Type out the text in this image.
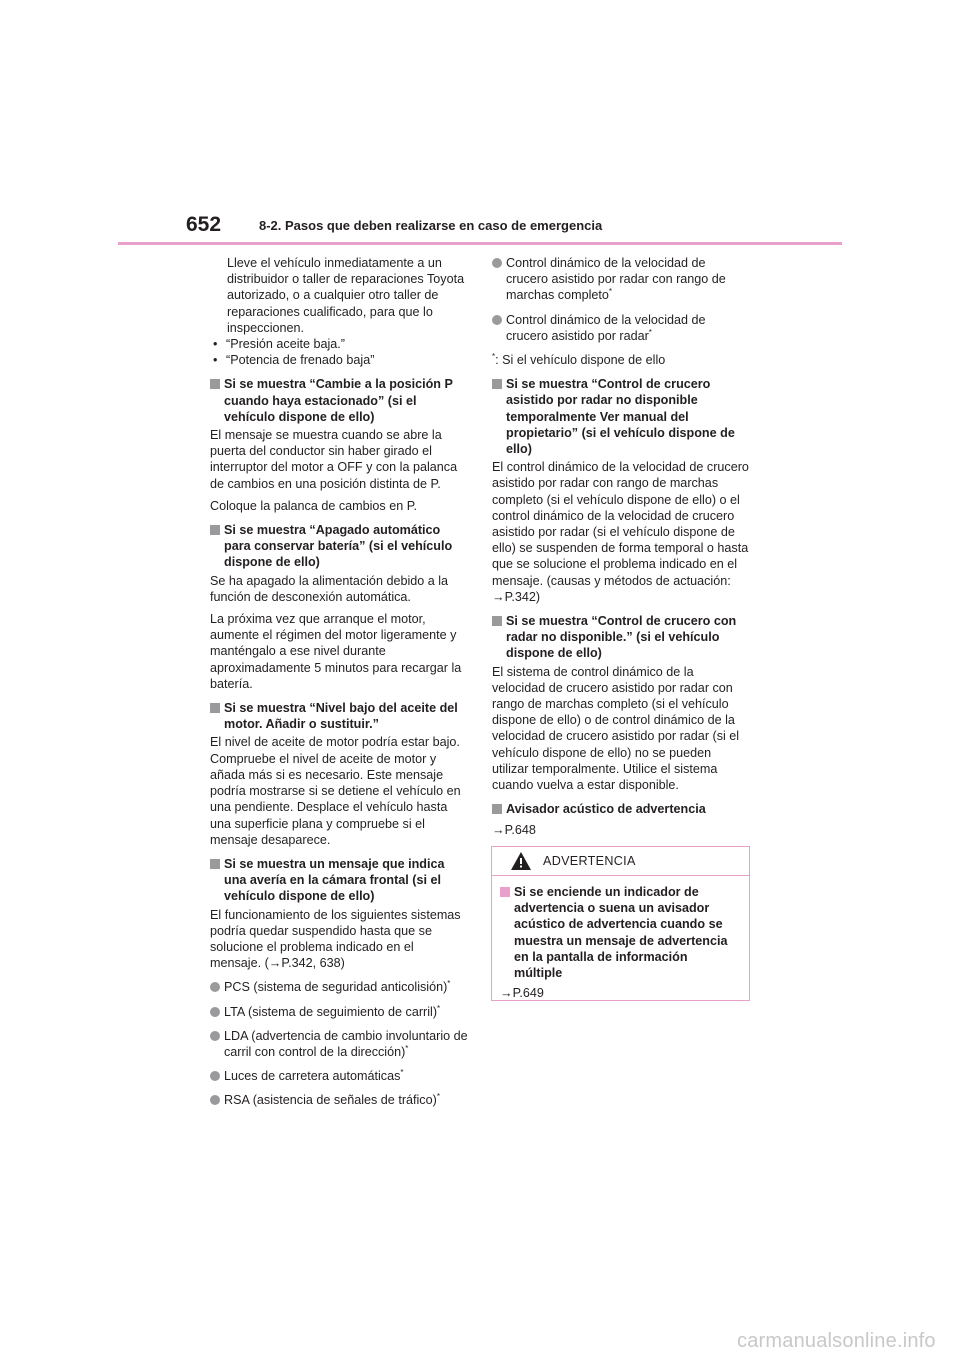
652	8-2. Pasos que deben realizarse en caso de emergencia

Lleve el vehículo inmediatamente a un distribuidor o taller de reparaciones Toyota autorizado, o a cualquier otro taller de reparaciones cualificado, para que lo inspeccionen.

• “Presión aceite baja.”
• “Potencia de frenado baja”
Si se muestra “Cambie a la posición P cuando haya estacionado” (si el vehículo dispone de ello)

El mensaje se muestra cuando se abre la puerta del conductor sin haber girado el interruptor del motor a OFF y con la palanca de cambios en una posición distinta de P.

Coloque la palanca de cambios en P.

Si se muestra “Apagado automático para conservar batería” (si el vehículo dispone de ello)

Se ha apagado la alimentación debido a la función de desconexión automática.

La próxima vez que arranque el motor, aumente el régimen del motor ligeramente y manténgalo a ese nivel durante aproximadamente 5 minutos para recargar la batería.

Si se muestra “Nivel bajo del aceite del motor. Añadir o sustituir.”

El nivel de aceite de motor podría estar bajo. Compruebe el nivel de aceite de motor y añada más si es necesario. Este mensaje podría mostrarse si se detiene el vehículo en una pendiente. Desplace el vehículo hasta una superficie plana y compruebe si el mensaje desaparece.

Si se muestra un mensaje que indica una avería en la cámara frontal (si el vehículo dispone de ello)

El funcionamiento de los siguientes sistemas podría quedar suspendido hasta que se solucione el problema indicado en el mensaje. (→P.342, 638)

PCS (sistema de seguridad anticolisión)*
LTA (sistema de seguimiento de carril)*
LDA (advertencia de cambio involuntario de carril con control de la dirección)*
Luces de carretera automáticas*
RSA (asistencia de señales de tráfico)*
Control dinámico de la velocidad de crucero asistido por radar con rango de marchas completo*
Control dinámico de la velocidad de crucero asistido por radar*

*: Si el vehículo dispone de ello

Si se muestra “Control de crucero asistido por radar no disponible temporalmente Ver manual del propietario” (si el vehículo dispone de ello)

El control dinámico de la velocidad de crucero asistido por radar con rango de marchas completo (si el vehículo dispone de ello) o el control dinámico de la velocidad de crucero asistido por radar (si el vehículo dispone de ello) se suspenden de forma temporal o hasta que se solucione el problema indicado en el mensaje. (causas y métodos de actuación: →P.342)

Si se muestra “Control de crucero con radar no disponible.” (si el vehículo dispone de ello)

El sistema de control dinámico de la velocidad de crucero asistido por radar con rango de marchas completo (si el vehículo dispone de ello) o de control dinámico de la velocidad de crucero asistido por radar (si el vehículo dispone de ello) no se pueden utilizar temporalmente. Utilice el sistema cuando vuelva a estar disponible.

Avisador acústico de advertencia

→P.648

ADVERTENCIA
Si se enciende un indicador de advertencia o suena un avisador acústico de advertencia cuando se muestra un mensaje de advertencia en la pantalla de información múltiple

→P.649

carmanualsonline.info
